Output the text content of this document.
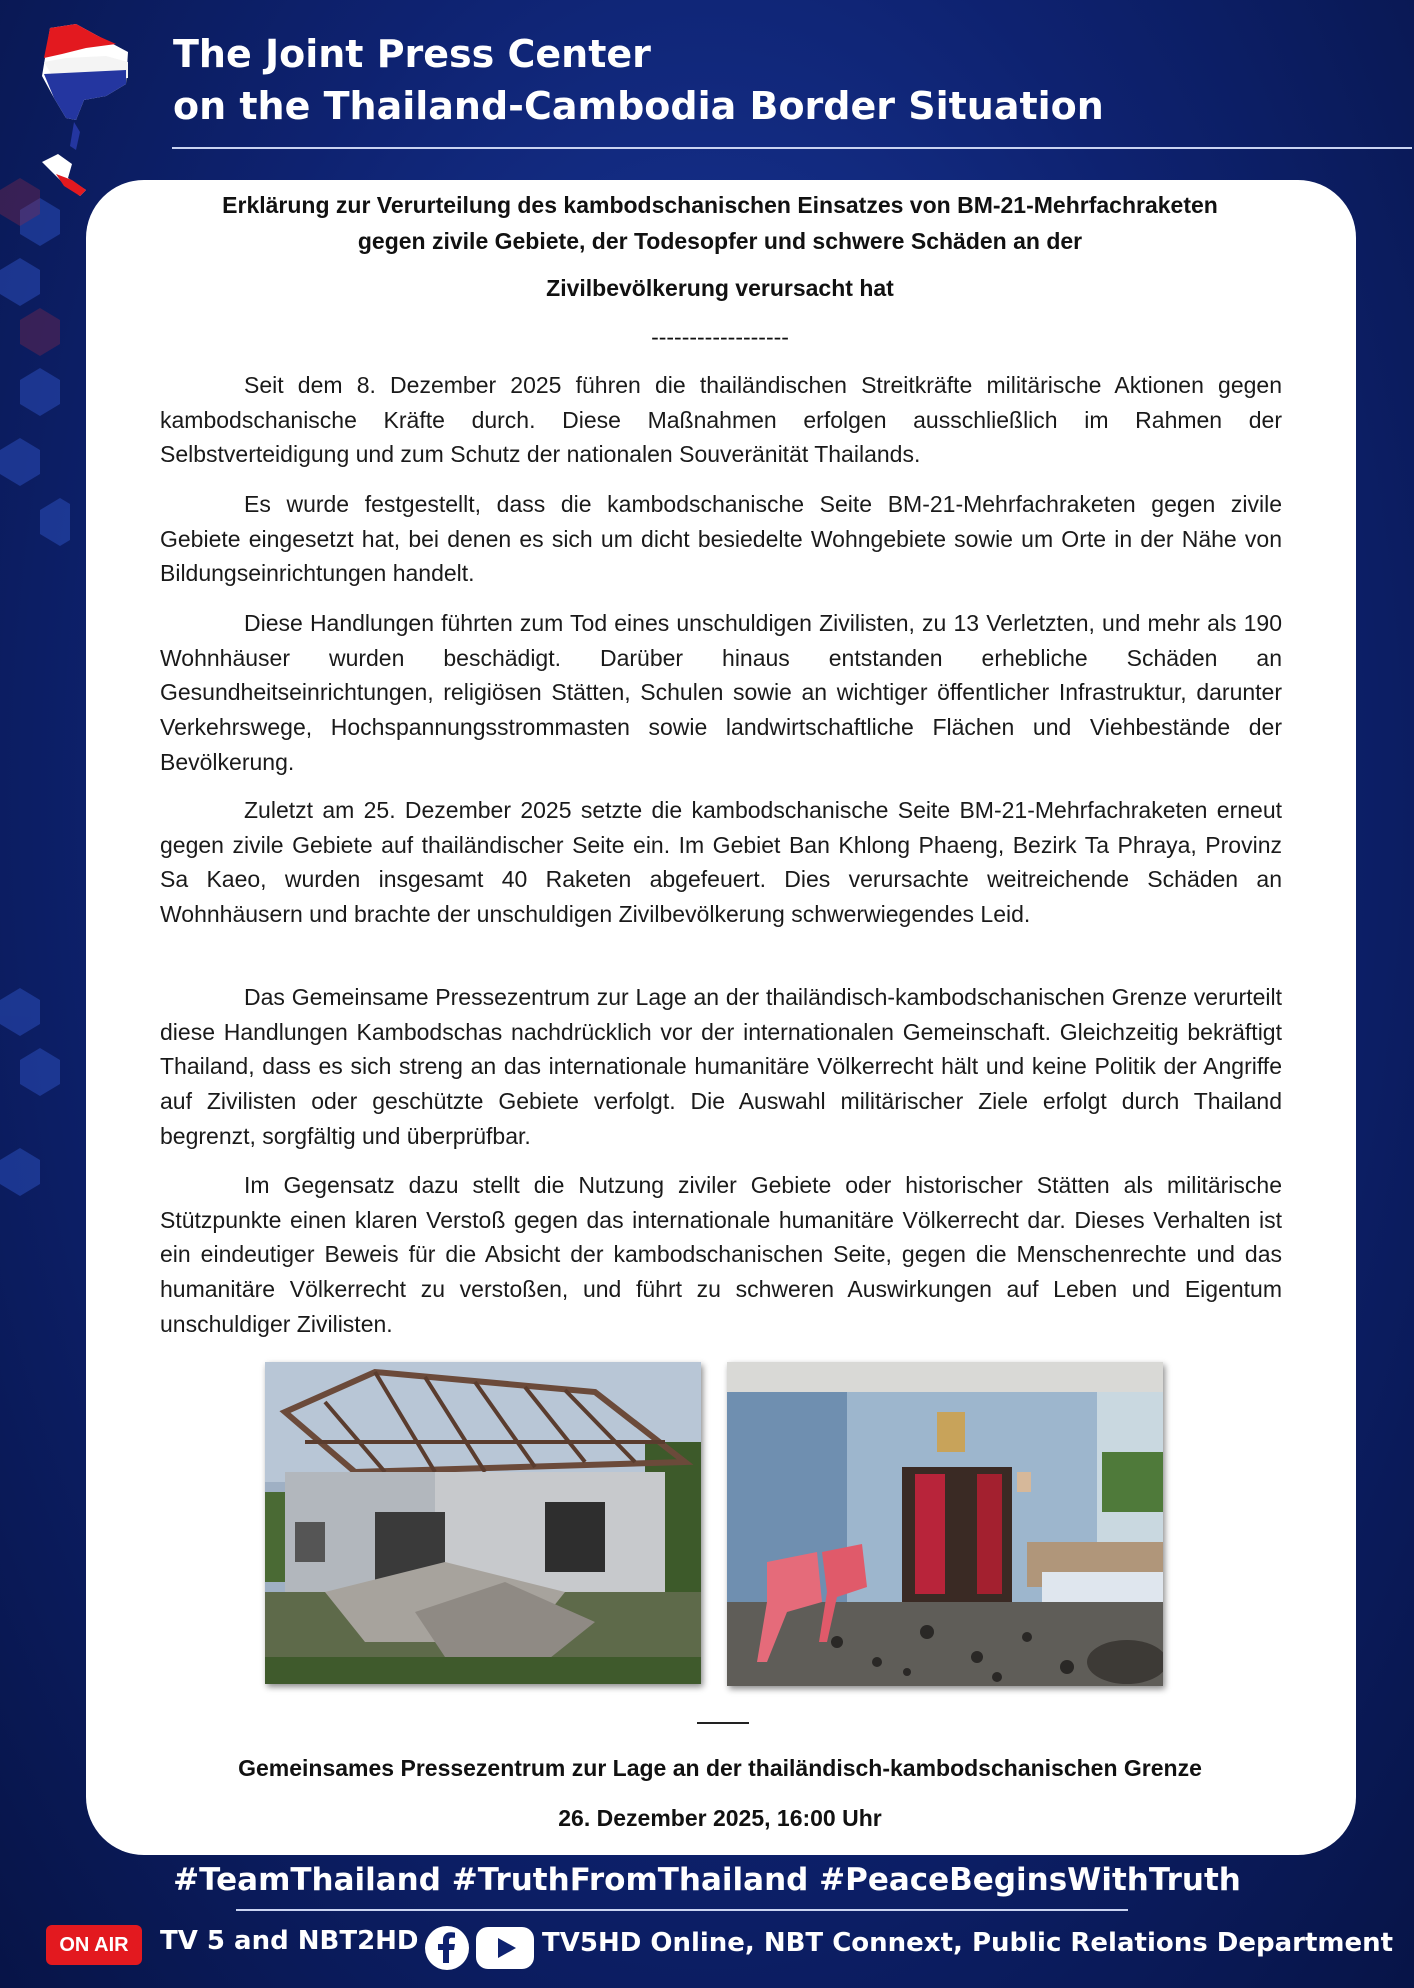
The Joint Press Center
on the Thailand-Cambodia Border Situation
Erklärung zur Verurteilung des kambodschanischen Einsatzes von BM-21-Mehrfachraketen
gegen zivile Gebiete, der Todesopfer und schwere Schäden an der
Zivilbevölkerung verursacht hat
------------------

Seit dem 8. Dezember 2025 führen die thailändischen Streitkräfte militärische Aktionen gegen kambodschanische Kräfte durch. Diese Maßnahmen erfolgen ausschließlich im Rahmen der Selbstverteidigung und zum Schutz der nationalen Souveränität Thailands.

Es wurde festgestellt, dass die kambodschanische Seite BM-21-Mehrfachraketen gegen zivile Gebiete eingesetzt hat, bei denen es sich um dicht besiedelte Wohngebiete sowie um Orte in der Nähe von Bildungseinrichtungen handelt.

Diese Handlungen führten zum Tod eines unschuldigen Zivilisten, zu 13 Verletzten, und mehr als 190 Wohnhäuser wurden beschädigt. Darüber hinaus entstanden erhebliche Schäden an Gesundheitseinrichtungen, religiösen Stätten, Schulen sowie an wichtiger öffentlicher Infrastruktur, darunter Verkehrswege, Hochspannungsstrommasten sowie landwirtschaftliche Flächen und Viehbestände der Bevölkerung.

Zuletzt am 25. Dezember 2025 setzte die kambodschanische Seite BM-21-Mehrfachraketen erneut gegen zivile Gebiete auf thailändischer Seite ein. Im Gebiet Ban Khlong Phaeng, Bezirk Ta Phraya, Provinz Sa Kaeo, wurden insgesamt 40 Raketen abgefeuert. Dies verursachte weitreichende Schäden an Wohnhäusern und brachte der unschuldigen Zivilbevölkerung schwerwiegendes Leid.

Das Gemeinsame Pressezentrum zur Lage an der thailändisch-kambodschanischen Grenze verurteilt diese Handlungen Kambodschas nachdrücklich vor der internationalen Gemeinschaft. Gleichzeitig bekräftigt Thailand, dass es sich streng an das internationale humanitäre Völkerrecht hält und keine Politik der Angriffe auf Zivilisten oder geschützte Gebiete verfolgt. Die Auswahl militärischer Ziele erfolgt durch Thailand begrenzt, sorgfältig und überprüfbar.

Im Gegensatz dazu stellt die Nutzung ziviler Gebiete oder historischer Stätten als militärische Stützpunkte einen klaren Verstoß gegen das internationale humanitäre Völkerrecht dar. Dieses Verhalten ist ein eindeutiger Beweis für die Absicht der kambodschanischen Seite, gegen die Menschenrechte und das humanitäre Völkerrecht zu verstoßen, und führt zu schweren Auswirkungen auf Leben und Eigentum unschuldiger Zivilisten.

Gemeinsames Pressezentrum zur Lage an der thailändisch-kambodschanischen Grenze
26. Dezember 2025, 16:00 Uhr
#TeamThailand #TruthFromThailand #PeaceBeginsWithTruth
ON AIR	TV 5 and NBT2HD	TV5HD Online, NBT Connext, Public Relations Department
